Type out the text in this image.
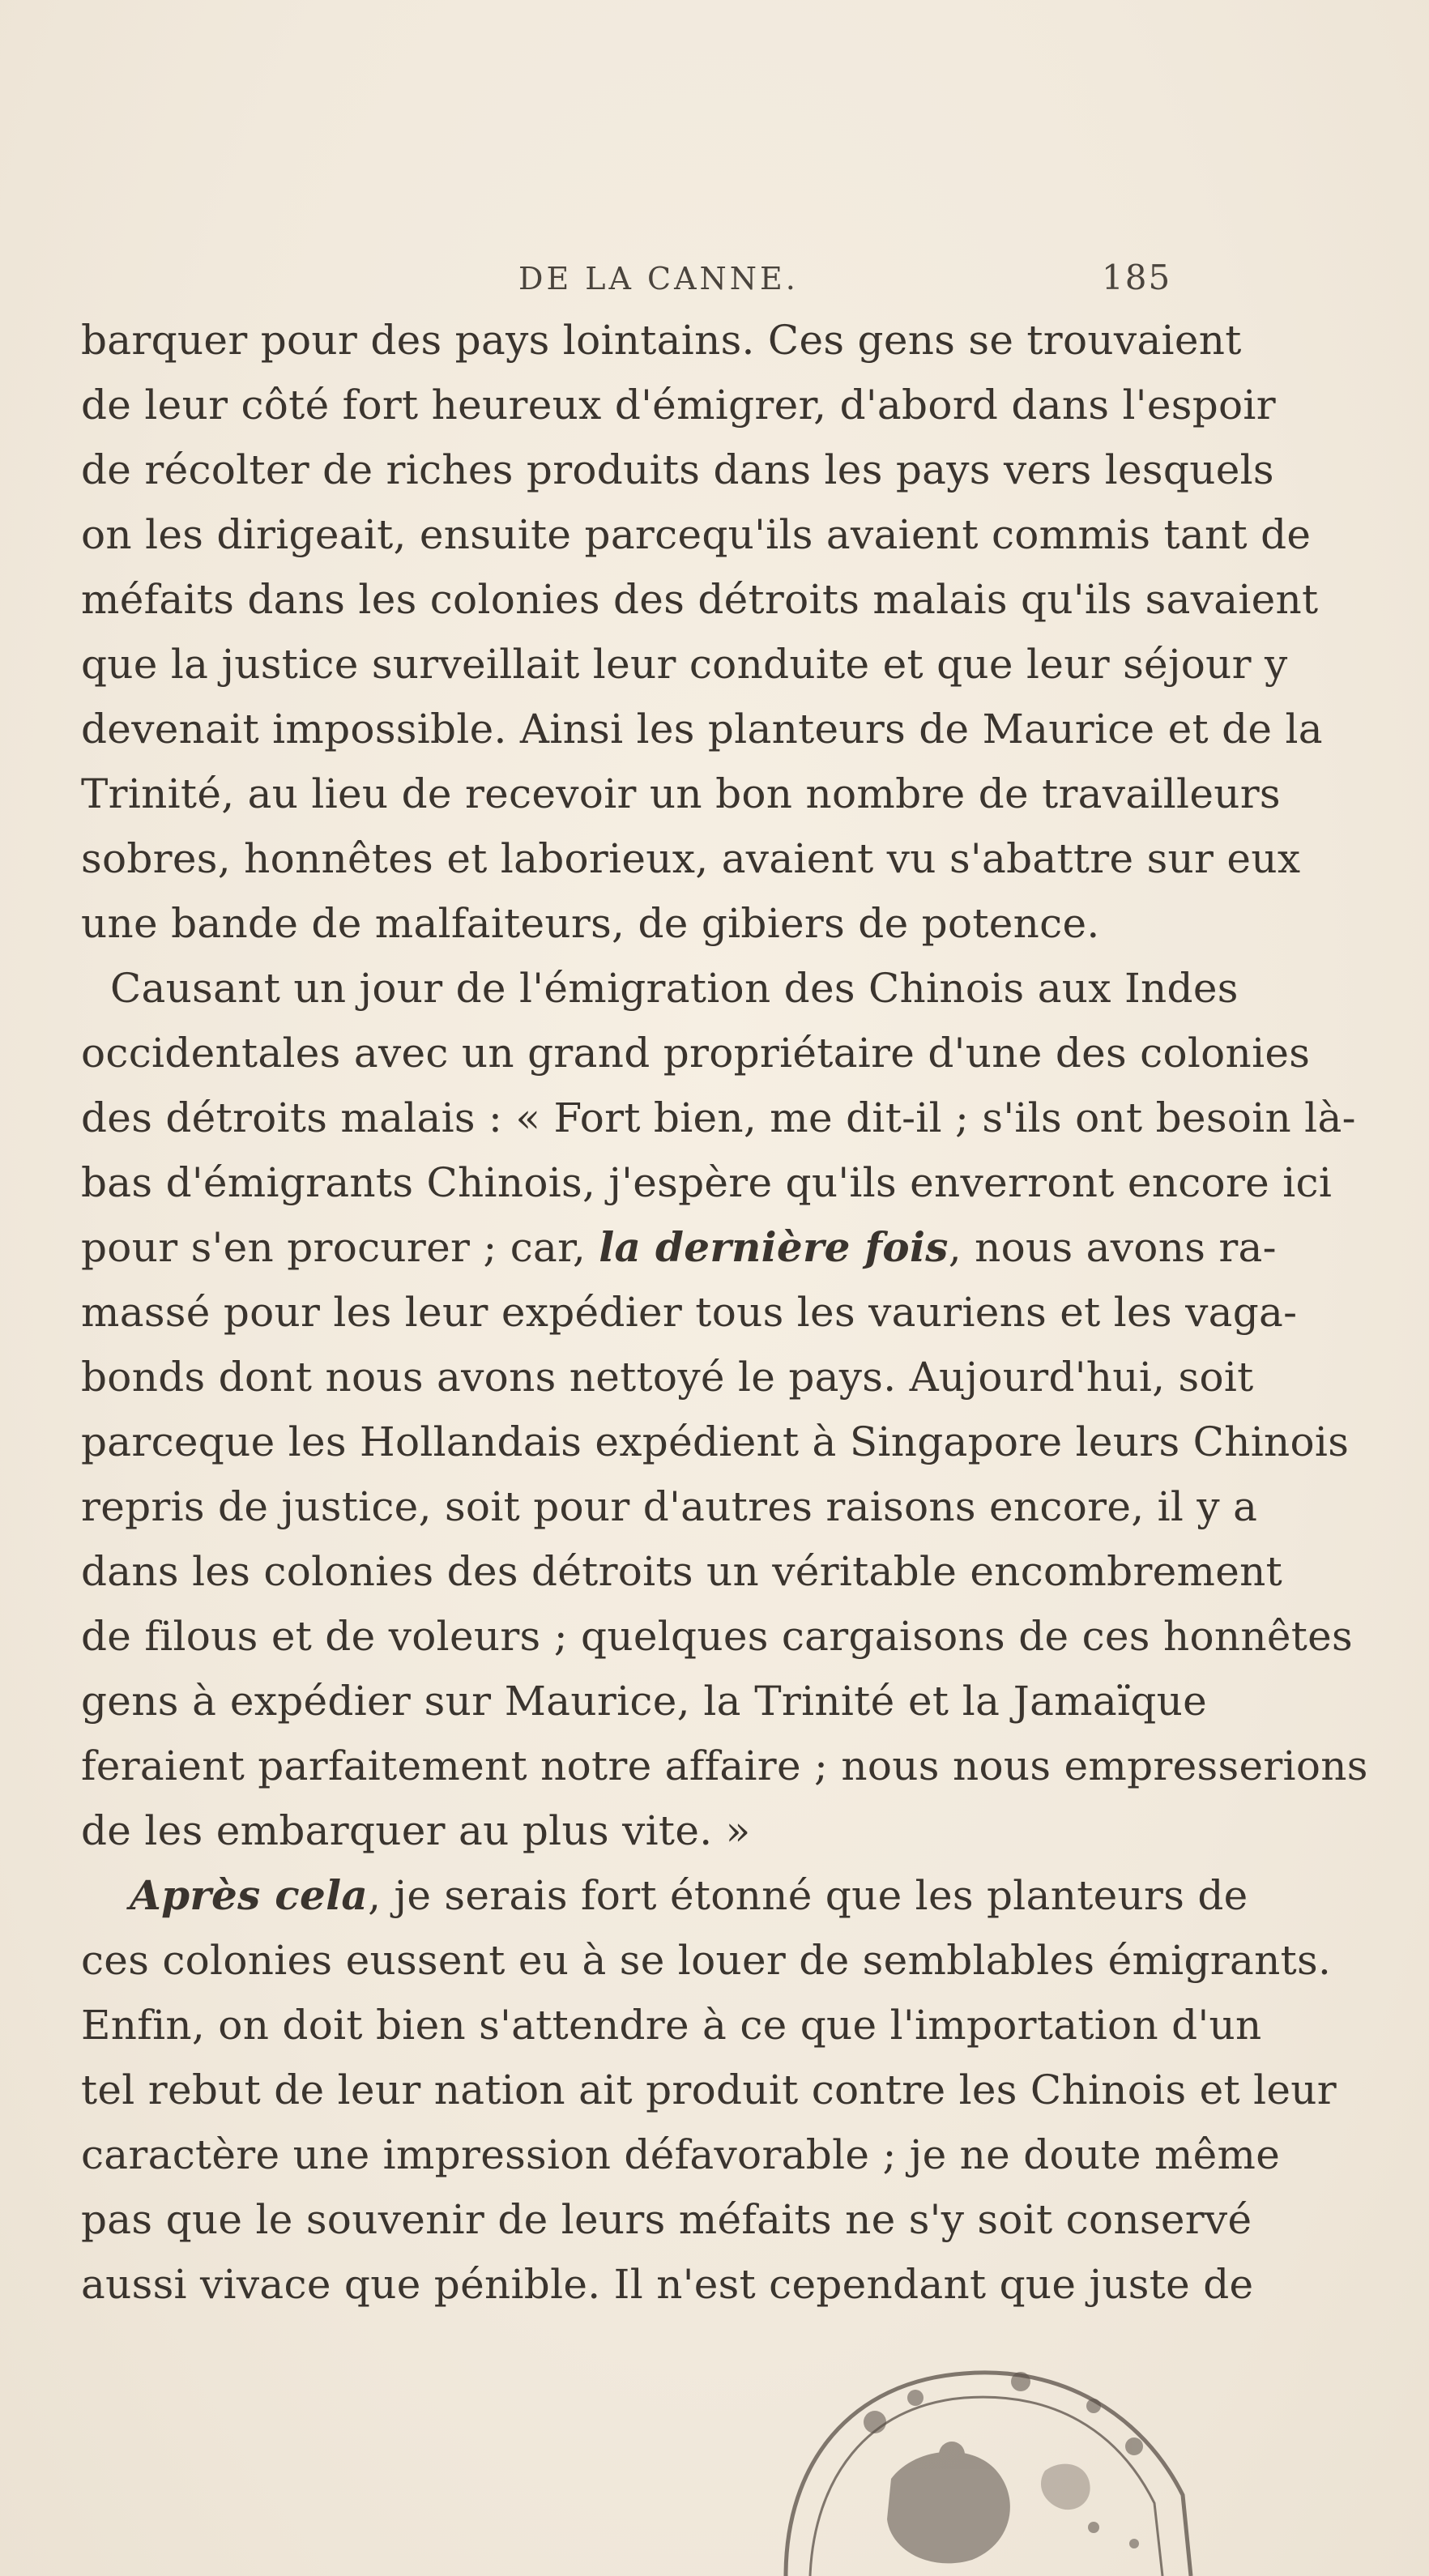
DE LA CANNE.	185
barquer pour des pays lointains. Ces gens se trouvaient
de leur côté fort heureux d'émigrer, d'abord dans l'espoir
de récolter de riches produits dans les pays vers lesquels
on les dirigeait, ensuite parcequ'ils avaient commis tant de
méfaits dans les colonies des détroits malais qu'ils savaient
que la justice surveillait leur conduite et que leur séjour y
devenait impossible. Ainsi les planteurs de Maurice et de la
Trinité, au lieu de recevoir un bon nombre de travailleurs
sobres, honnêtes et laborieux, avaient vu s'abattre sur eux
une bande de malfaiteurs, de gibiers de potence.
Causant un jour de l'émigration des Chinois aux Indes
occidentales avec un grand propriétaire d'une des colonies
des détroits malais : « Fort bien, me dit-il ; s'ils ont besoin là-
bas d'émigrants Chinois, j'espère qu'ils enverront encore ici
pour s'en procurer ; car, la dernière fois, nous avons ra-
massé pour les leur expédier tous les vauriens et les vaga-
bonds dont nous avons nettoyé le pays. Aujourd'hui, soit
parceque les Hollandais expédient à Singapore leurs Chinois
repris de justice, soit pour d'autres raisons encore, il y a
dans les colonies des détroits un véritable encombrement
de filous et de voleurs ; quelques cargaisons de ces honnêtes
gens à expédier sur Maurice, la Trinité et la Jamaïque
feraient parfaitement notre affaire ; nous nous empresserions
de les embarquer au plus vite. »
Après cela, je serais fort étonné que les planteurs de
ces colonies eussent eu à se louer de semblables émigrants.
Enfin, on doit bien s'attendre à ce que l'importation d'un
tel rebut de leur nation ait produit contre les Chinois et leur
caractère une impression défavorable ; je ne doute même
pas que le souvenir de leurs méfaits ne s'y soit conservé
aussi vivace que pénible. Il n'est cependant que juste de
